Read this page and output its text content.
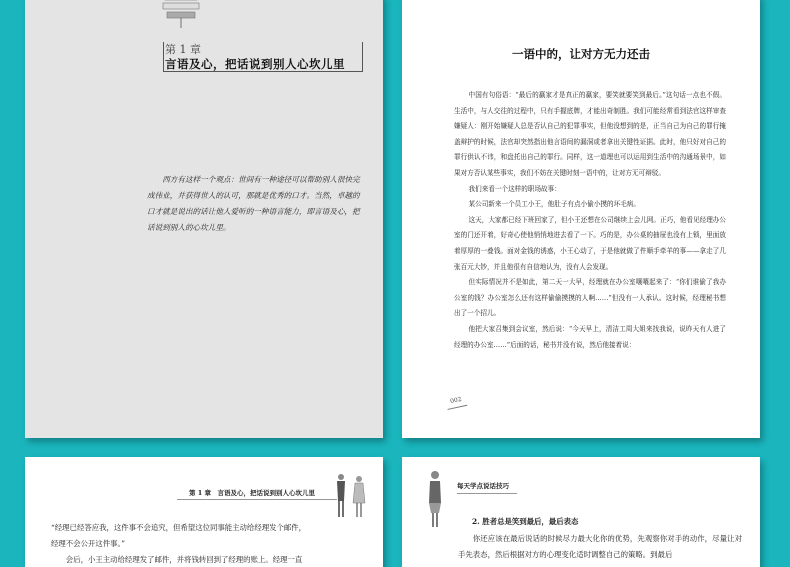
第 1 章
言语及心，把话说到别人心坎儿里

西方有这样一个观点：世间有一种途径可以帮助别人很快完成伟业，并获得世人的认可，那就是优秀的口才。当然，卓越的口才就是说出的话让他人爱听的一种语言能力，即言语及心，把话说到别人的心坎儿里。

一语中的，让对方无力还击

中国有句俗语：“最后的赢家才是真正的赢家，要笑就要笑到最后。”这句话一点也不假。生活中，与人交往的过程中，只有手握底牌，才能出奇制胜。我们可能经常看到法官这样审查嫌疑人：刚开始嫌疑人总是否认自己的犯罪事实，但他没想到的是，正当自己为自己的罪行掩盖辩护的时候，法官却突然指出他言语间的漏洞或者拿出关键性证据。此时，他只好对自己的罪行供认不讳，和盘托出自己的罪行。同样，这一道理也可以运用到生活中的沟通场景中，如果对方否认某些事实，我们不妨在关键时刻一语中的，让对方无可辩驳。

我们来看一个这样的职场故事：

某公司新来一个员工小王，他肚子有点小偷小摸的坏毛病。

这天，大家都已经下班回家了，但小王还想在公司继续上会儿网。正巧，他看见经理办公室的门还开着，好奇心使他悄悄地进去看了一下。巧的是，办公桌的抽屉也没有上锁，里面放着厚厚的一叠钱。面对金钱的诱惑，小王心动了，于是他就做了件顺手牵羊的事——拿走了几张百元大钞，并且他很有自信地认为，没有人会发现。

但实际情况并不是如此，第二天一大早，经理就在办公室嚷嚷起来了：“你们谁偷了我办公室的钱？办公室怎么还有这样偷偷摸摸的人啊……”但没有一人承认。这时候，经理秘书想出了一个招儿。

他把大家召集到会议室，然后说：“今天早上，清洁工周大姐来找我说，说昨天有人进了经理的办公室……”后面的话，秘书并没有说，然后他接着说：

002
第 1 章　言语及心，把话说到别人心坎儿里
“经理已经答应我，这件事不会追究，但希望这位同事能主动给经理发个邮件，
经理不会公开这件事。”
会后，小王主动给经理发了邮件，并将钱转回到了经理的账上。经理一直
每天学点说话技巧
2. 胜者总是笑到最后，最后表态

你还应该在最后说话的时候尽力最大化你的优势，先观察你对手的动作，尽量让对手先表态，然后根据对方的心理变化适时调整自己的策略。到最后
